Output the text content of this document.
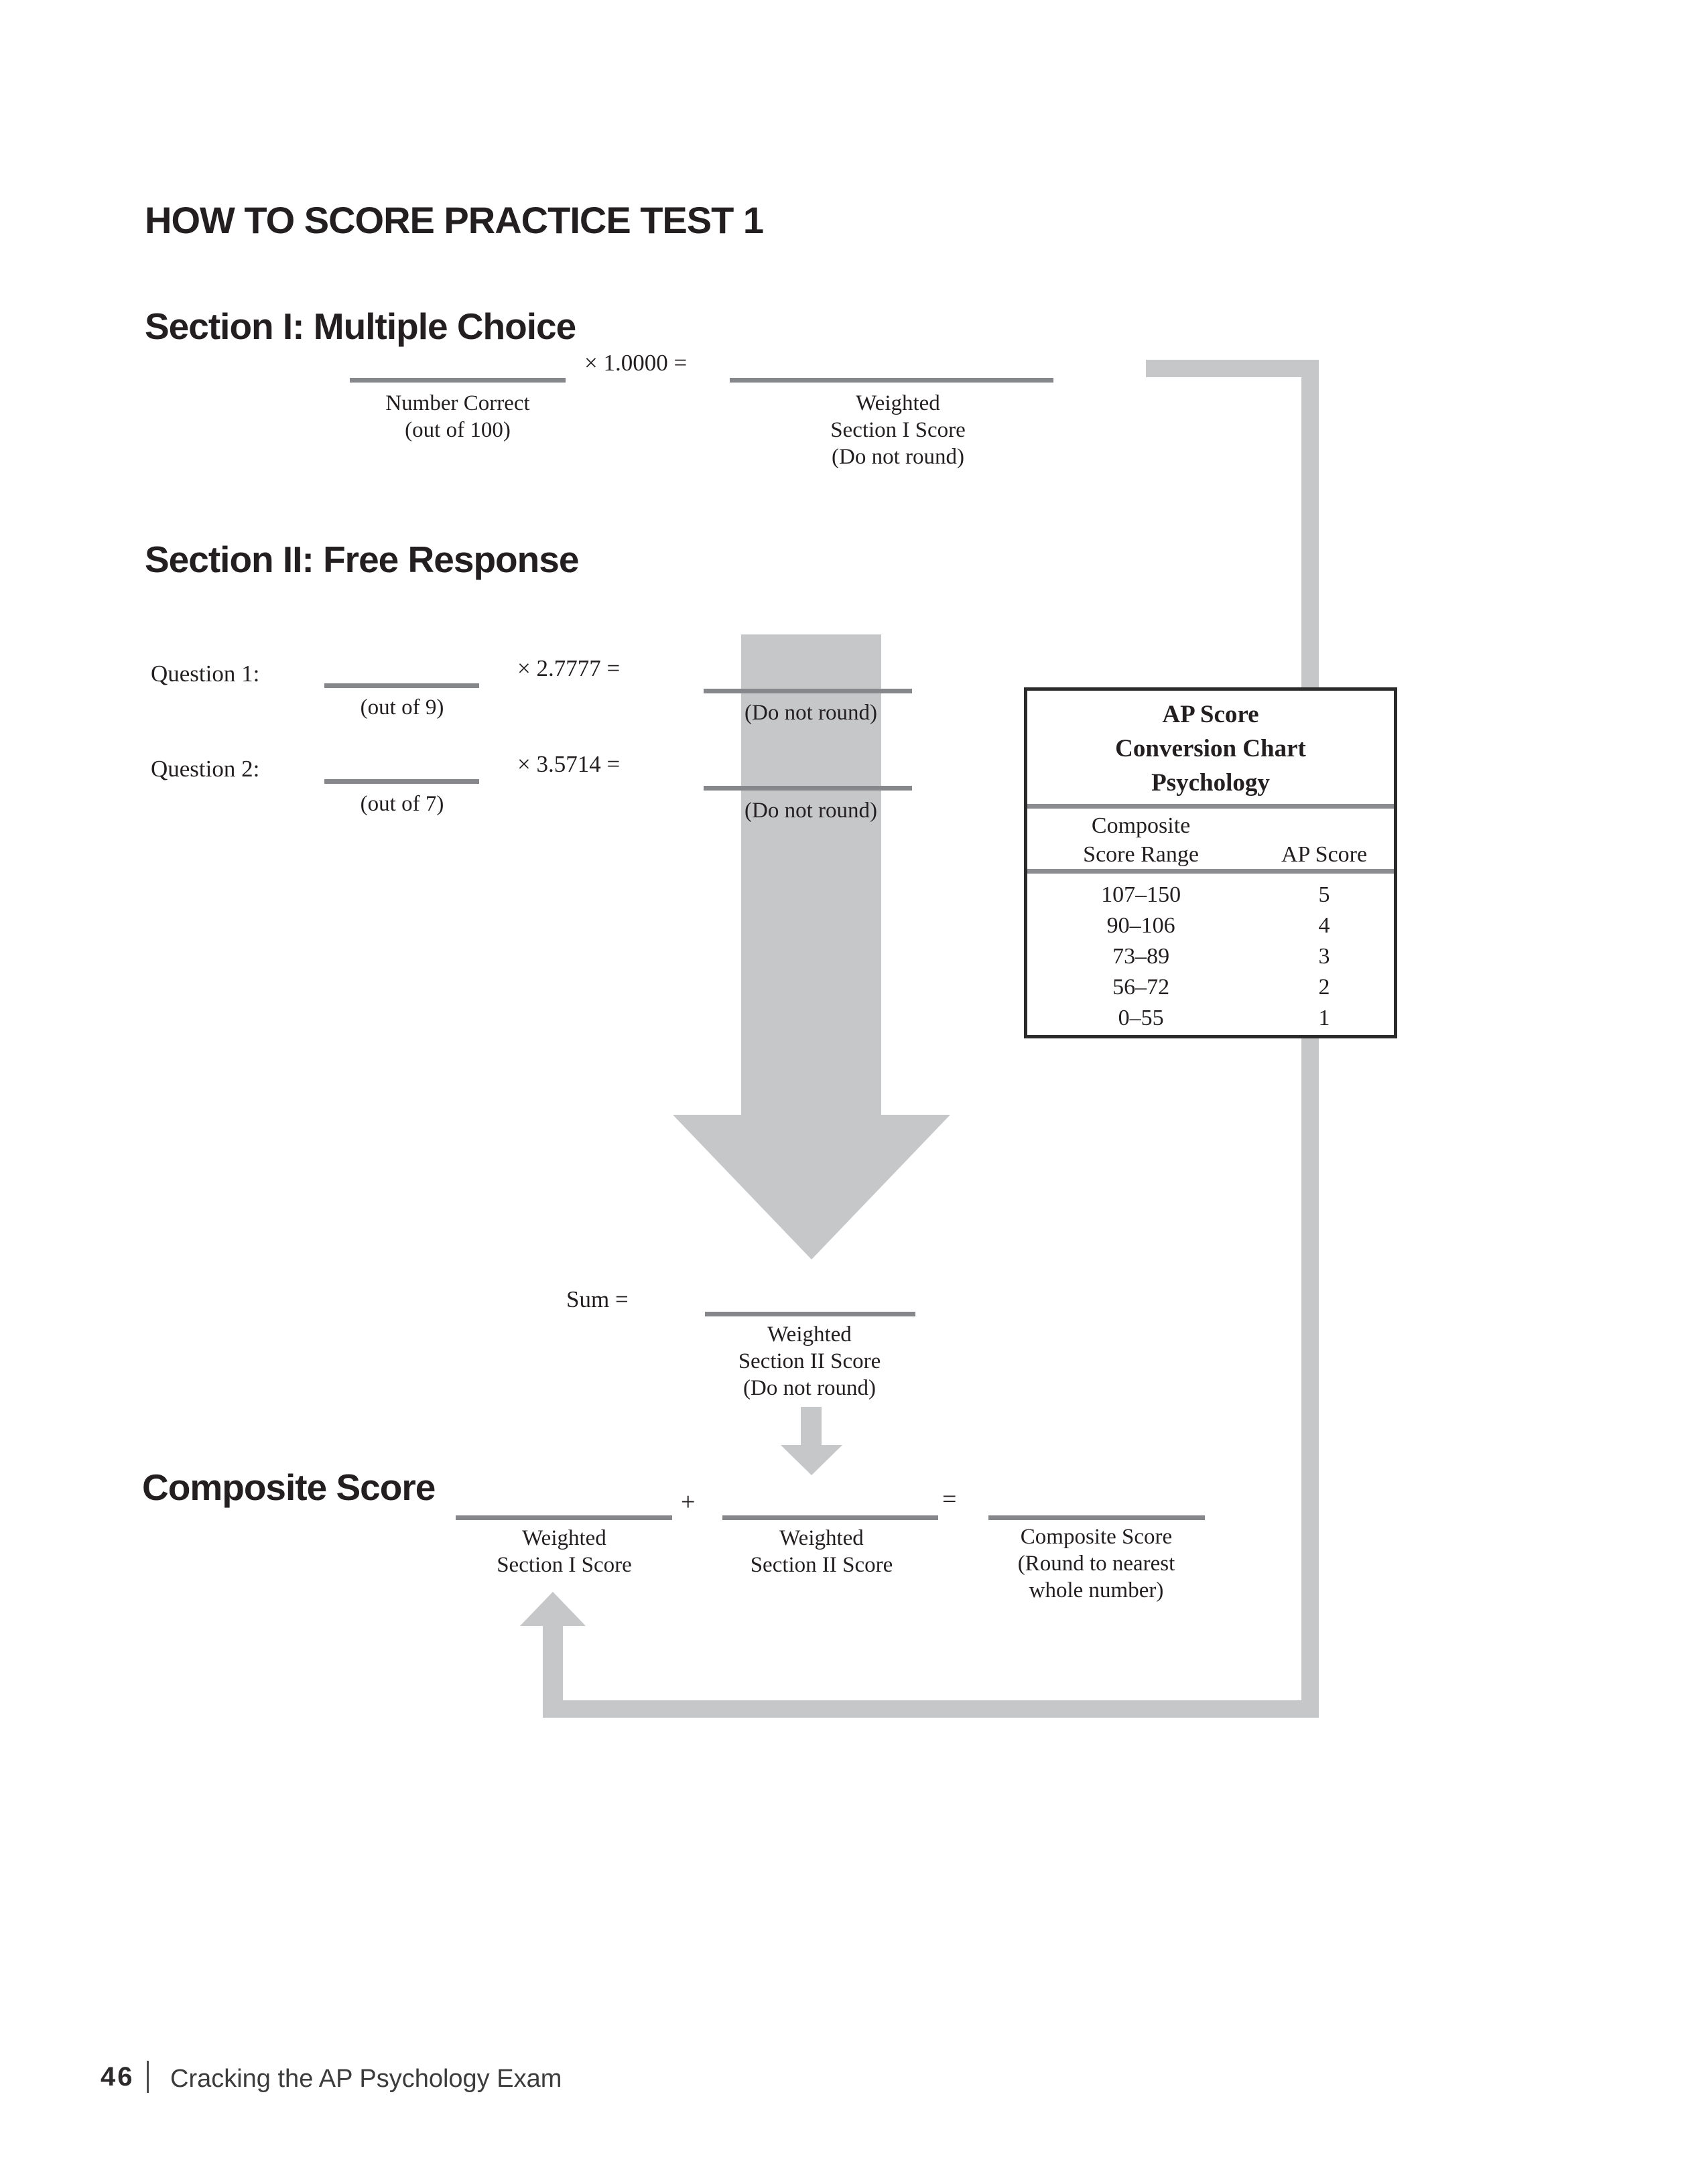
HOW TO SCORE PRACTICE TEST 1
Section I: Multiple Choice
× 1.0000 =
Number Correct
(out of 100)
Weighted
Section I Score
(Do not round)
Section II: Free Response
Question 1:	× 2.7777 =
(out of 9)	(Do not round)
Question 2:	× 3.5714 =
(out of 7)	(Do not round)
AP Score
Conversion Chart
Psychology
Composite
Score Range	AP Score
107–150	5
90–106	4
73–89	3
56–72	2
0–55	1
Sum =
Weighted
Section II Score
(Do not round)
Composite Score	+	=
Weighted
Section I Score
Weighted
Section II Score
Composite Score
(Round to nearest
whole number)
46 Cracking the AP Psychology Exam
